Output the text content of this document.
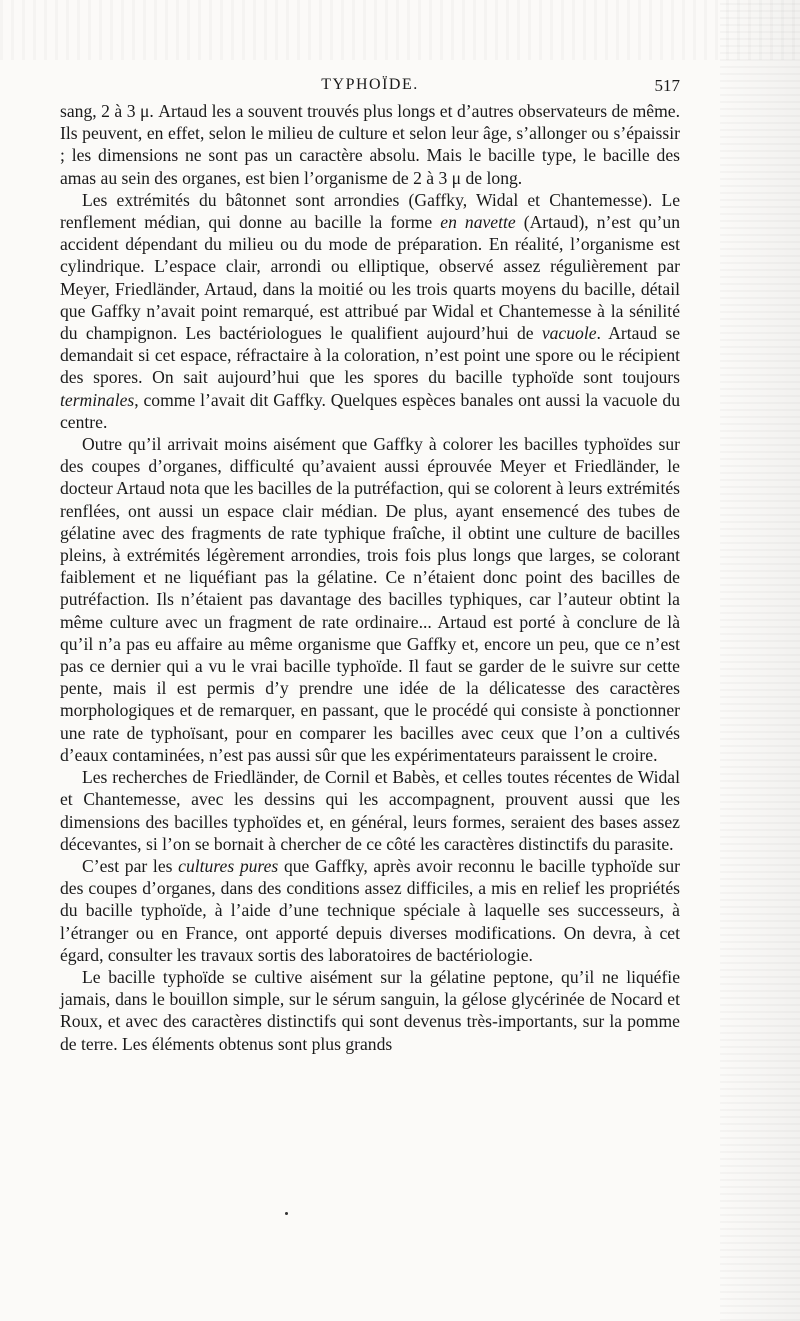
TYPHOÏDE.	517

sang, 2 à 3 μ. Artaud les a souvent trouvés plus longs et d’autres observateurs de même. Ils peuvent, en effet, selon le milieu de culture et selon leur âge, s’allonger ou s’épaissir ; les dimensions ne sont pas un caractère absolu. Mais le bacille type, le bacille des amas au sein des organes, est bien l’organisme de 2 à 3 μ de long.

Les extrémités du bâtonnet sont arrondies (Gaffky, Widal et Chantemesse). Le renflement médian, qui donne au bacille la forme en navette (Artaud), n’est qu’un accident dépendant du milieu ou du mode de préparation. En réalité, l’organisme est cylindrique. L’espace clair, arrondi ou elliptique, observé assez régulièrement par Meyer, Friedländer, Artaud, dans la moitié ou les trois quarts moyens du bacille, détail que Gaffky n’avait point remarqué, est attribué par Widal et Chantemesse à la sénilité du champignon. Les bactériologues le qualifient aujourd’hui de vacuole. Artaud se demandait si cet espace, réfractaire à la coloration, n’est point une spore ou le récipient des spores. On sait aujourd’hui que les spores du bacille typhoïde sont toujours terminales, comme l’avait dit Gaffky. Quelques espèces banales ont aussi la vacuole du centre.

Outre qu’il arrivait moins aisément que Gaffky à colorer les bacilles typhoïdes sur des coupes d’organes, difficulté qu’avaient aussi éprouvée Meyer et Friedländer, le docteur Artaud nota que les bacilles de la putréfaction, qui se colorent à leurs extrémités renflées, ont aussi un espace clair médian. De plus, ayant ensemencé des tubes de gélatine avec des fragments de rate typhique fraîche, il obtint une culture de bacilles pleins, à extrémités légèrement arrondies, trois fois plus longs que larges, se colorant faiblement et ne liquéfiant pas la gélatine. Ce n’étaient donc point des bacilles de putréfaction. Ils n’étaient pas davantage des bacilles typhiques, car l’auteur obtint la même culture avec un fragment de rate ordinaire... Artaud est porté à conclure de là qu’il n’a pas eu affaire au même organisme que Gaffky et, encore un peu, que ce n’est pas ce dernier qui a vu le vrai bacille typhoïde. Il faut se garder de le suivre sur cette pente, mais il est permis d’y prendre une idée de la délicatesse des caractères morphologiques et de remarquer, en passant, que le procédé qui consiste à ponctionner une rate de typhoïsant, pour en comparer les bacilles avec ceux que l’on a cultivés d’eaux contaminées, n’est pas aussi sûr que les expérimentateurs paraissent le croire.

Les recherches de Friedländer, de Cornil et Babès, et celles toutes récentes de Widal et Chantemesse, avec les dessins qui les accompagnent, prouvent aussi que les dimensions des bacilles typhoïdes et, en général, leurs formes, seraient des bases assez décevantes, si l’on se bornait à chercher de ce côté les caractères distinctifs du parasite.

C’est par les cultures pures que Gaffky, après avoir reconnu le bacille typhoïde sur des coupes d’organes, dans des conditions assez difficiles, a mis en relief les propriétés du bacille typhoïde, à l’aide d’une technique spéciale à laquelle ses successeurs, à l’étranger ou en France, ont apporté depuis diverses modifications. On devra, à cet égard, consulter les travaux sortis des laboratoires de bactériologie.

Le bacille typhoïde se cultive aisément sur la gélatine peptone, qu’il ne liquéfie jamais, dans le bouillon simple, sur le sérum sanguin, la gélose glycérinée de Nocard et Roux, et avec des caractères distinctifs qui sont devenus très-importants, sur la pomme de terre. Les éléments obtenus sont plus grands
